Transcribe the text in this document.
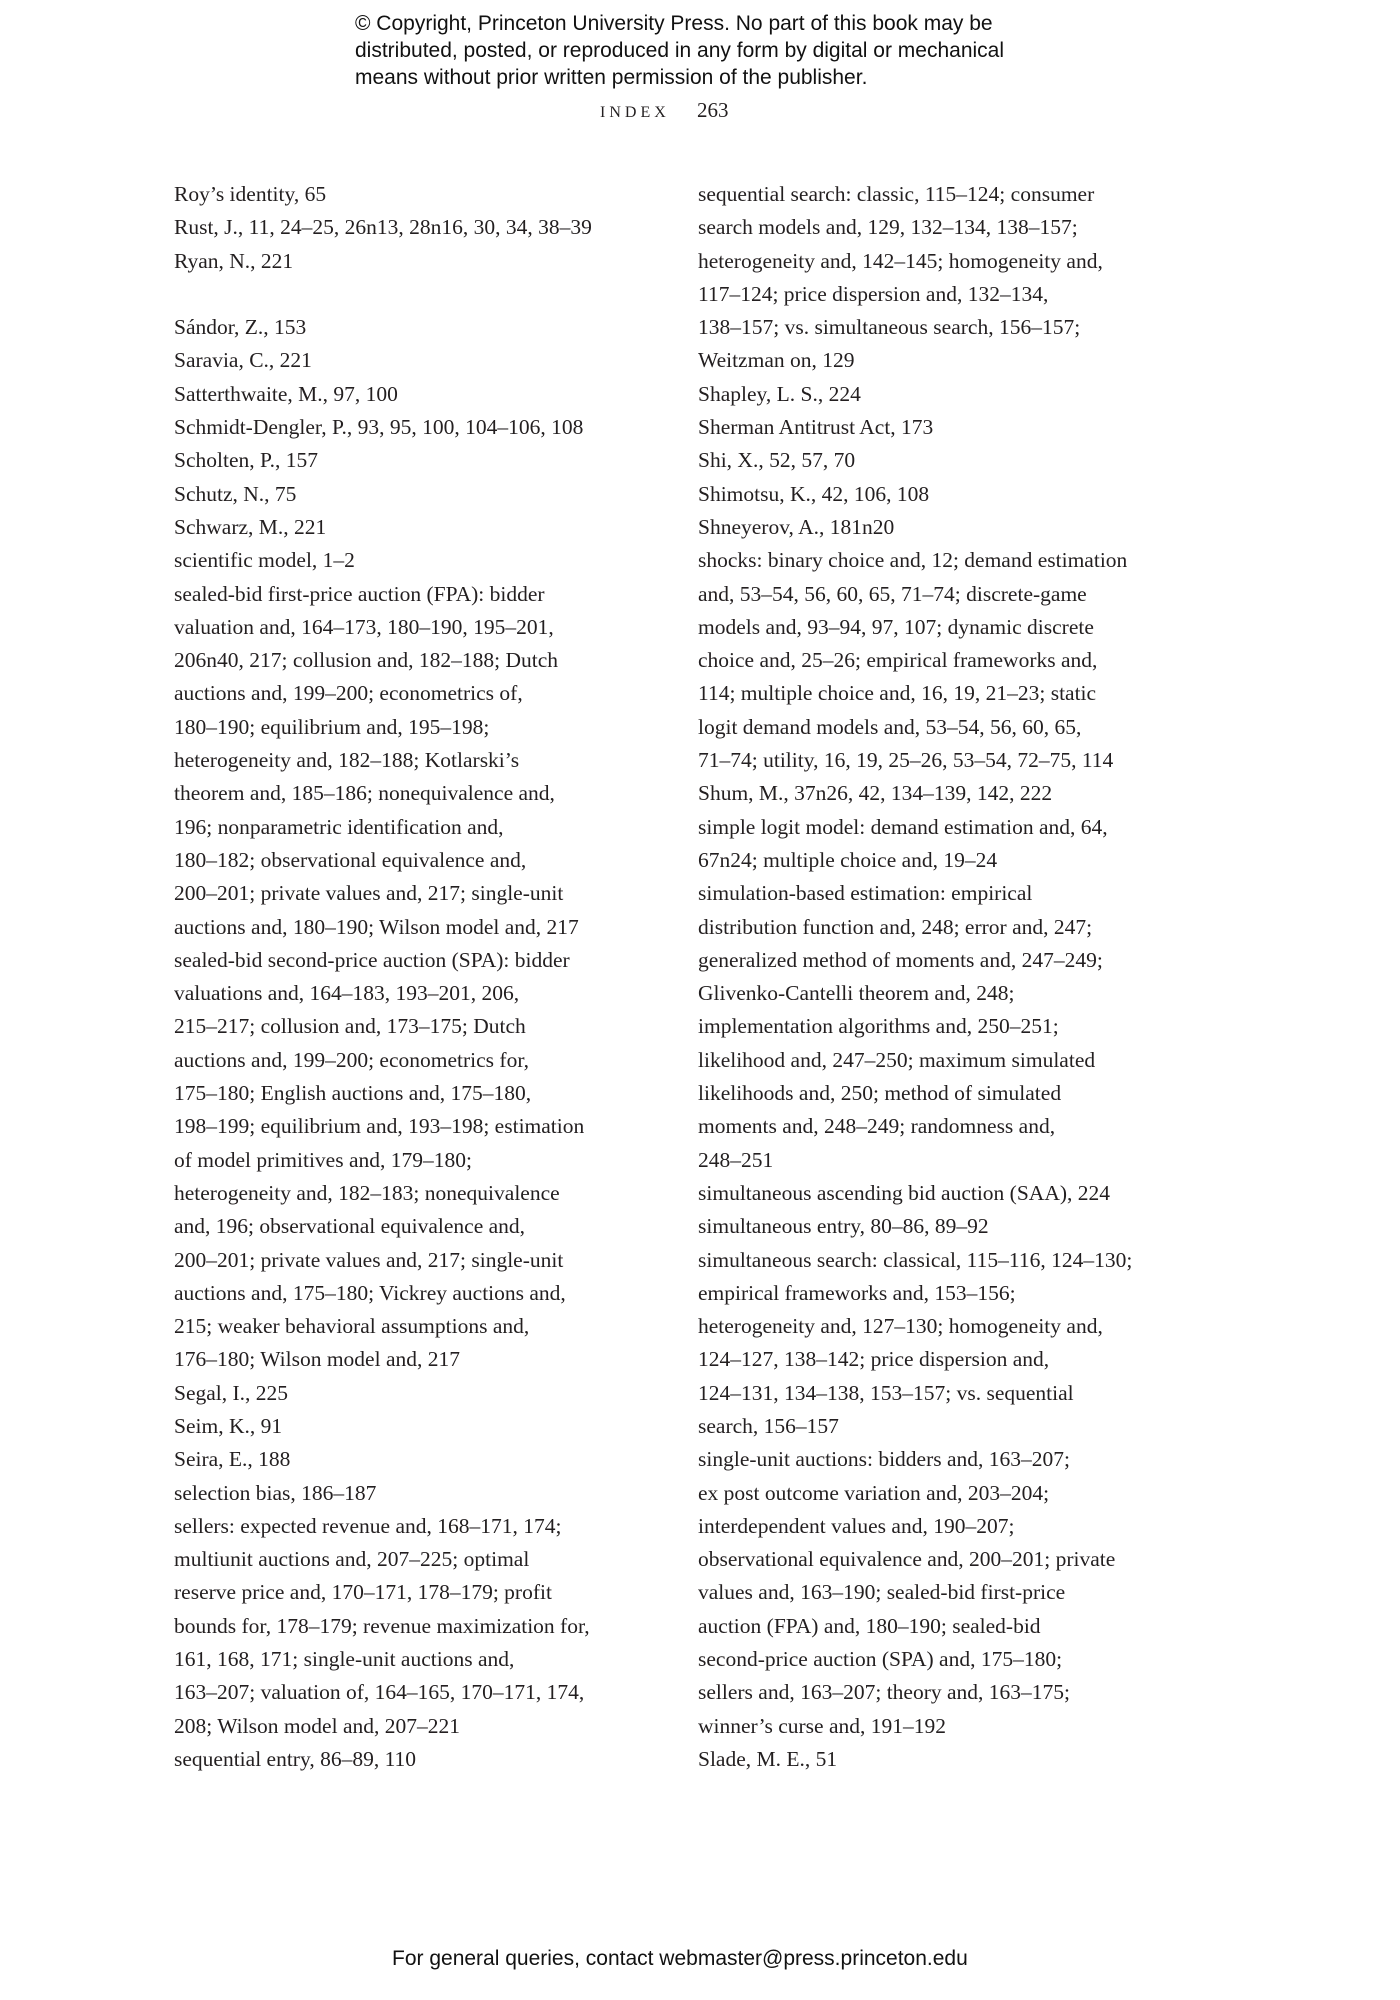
© Copyright, Princeton University Press. No part of this book may be
distributed, posted, or reproduced in any form by digital or mechanical
means without prior written permission of the publisher.
INDEX 263
Roy’s identity, 65
Rust, J., 11, 24–25, 26n13, 28n16, 30, 34, 38–39
Ryan, N., 221
Sándor, Z., 153
Saravia, C., 221
Satterthwaite, M., 97, 100
Schmidt-Dengler, P., 93, 95, 100, 104–106, 108
Scholten, P., 157
Schutz, N., 75
Schwarz, M., 221
scientific model, 1–2
sealed-bid first-price auction (FPA): bidder
valuation and, 164–173, 180–190, 195–201,
206n40, 217; collusion and, 182–188; Dutch
auctions and, 199–200; econometrics of,
180–190; equilibrium and, 195–198;
heterogeneity and, 182–188; Kotlarski’s
theorem and, 185–186; nonequivalence and,
196; nonparametric identification and,
180–182; observational equivalence and,
200–201; private values and, 217; single-unit
auctions and, 180–190; Wilson model and, 217
sealed-bid second-price auction (SPA): bidder
valuations and, 164–183, 193–201, 206,
215–217; collusion and, 173–175; Dutch
auctions and, 199–200; econometrics for,
175–180; English auctions and, 175–180,
198–199; equilibrium and, 193–198; estimation
of model primitives and, 179–180;
heterogeneity and, 182–183; nonequivalence
and, 196; observational equivalence and,
200–201; private values and, 217; single-unit
auctions and, 175–180; Vickrey auctions and,
215; weaker behavioral assumptions and,
176–180; Wilson model and, 217
Segal, I., 225
Seim, K., 91
Seira, E., 188
selection bias, 186–187
sellers: expected revenue and, 168–171, 174;
multiunit auctions and, 207–225; optimal
reserve price and, 170–171, 178–179; profit
bounds for, 178–179; revenue maximization for,
161, 168, 171; single-unit auctions and,
163–207; valuation of, 164–165, 170–171, 174,
208; Wilson model and, 207–221
sequential entry, 86–89, 110
sequential search: classic, 115–124; consumer
search models and, 129, 132–134, 138–157;
heterogeneity and, 142–145; homogeneity and,
117–124; price dispersion and, 132–134,
138–157; vs. simultaneous search, 156–157;
Weitzman on, 129
Shapley, L. S., 224
Sherman Antitrust Act, 173
Shi, X., 52, 57, 70
Shimotsu, K., 42, 106, 108
Shneyerov, A., 181n20
shocks: binary choice and, 12; demand estimation
and, 53–54, 56, 60, 65, 71–74; discrete-game
models and, 93–94, 97, 107; dynamic discrete
choice and, 25–26; empirical frameworks and,
114; multiple choice and, 16, 19, 21–23; static
logit demand models and, 53–54, 56, 60, 65,
71–74; utility, 16, 19, 25–26, 53–54, 72–75, 114
Shum, M., 37n26, 42, 134–139, 142, 222
simple logit model: demand estimation and, 64,
67n24; multiple choice and, 19–24
simulation-based estimation: empirical
distribution function and, 248; error and, 247;
generalized method of moments and, 247–249;
Glivenko-Cantelli theorem and, 248;
implementation algorithms and, 250–251;
likelihood and, 247–250; maximum simulated
likelihoods and, 250; method of simulated
moments and, 248–249; randomness and,
248–251
simultaneous ascending bid auction (SAA), 224
simultaneous entry, 80–86, 89–92
simultaneous search: classical, 115–116, 124–130;
empirical frameworks and, 153–156;
heterogeneity and, 127–130; homogeneity and,
124–127, 138–142; price dispersion and,
124–131, 134–138, 153–157; vs. sequential
search, 156–157
single-unit auctions: bidders and, 163–207;
ex post outcome variation and, 203–204;
interdependent values and, 190–207;
observational equivalence and, 200–201; private
values and, 163–190; sealed-bid first-price
auction (FPA) and, 180–190; sealed-bid
second-price auction (SPA) and, 175–180;
sellers and, 163–207; theory and, 163–175;
winner’s curse and, 191–192
Slade, M. E., 51
For general queries, contact webmaster@press.princeton.edu
